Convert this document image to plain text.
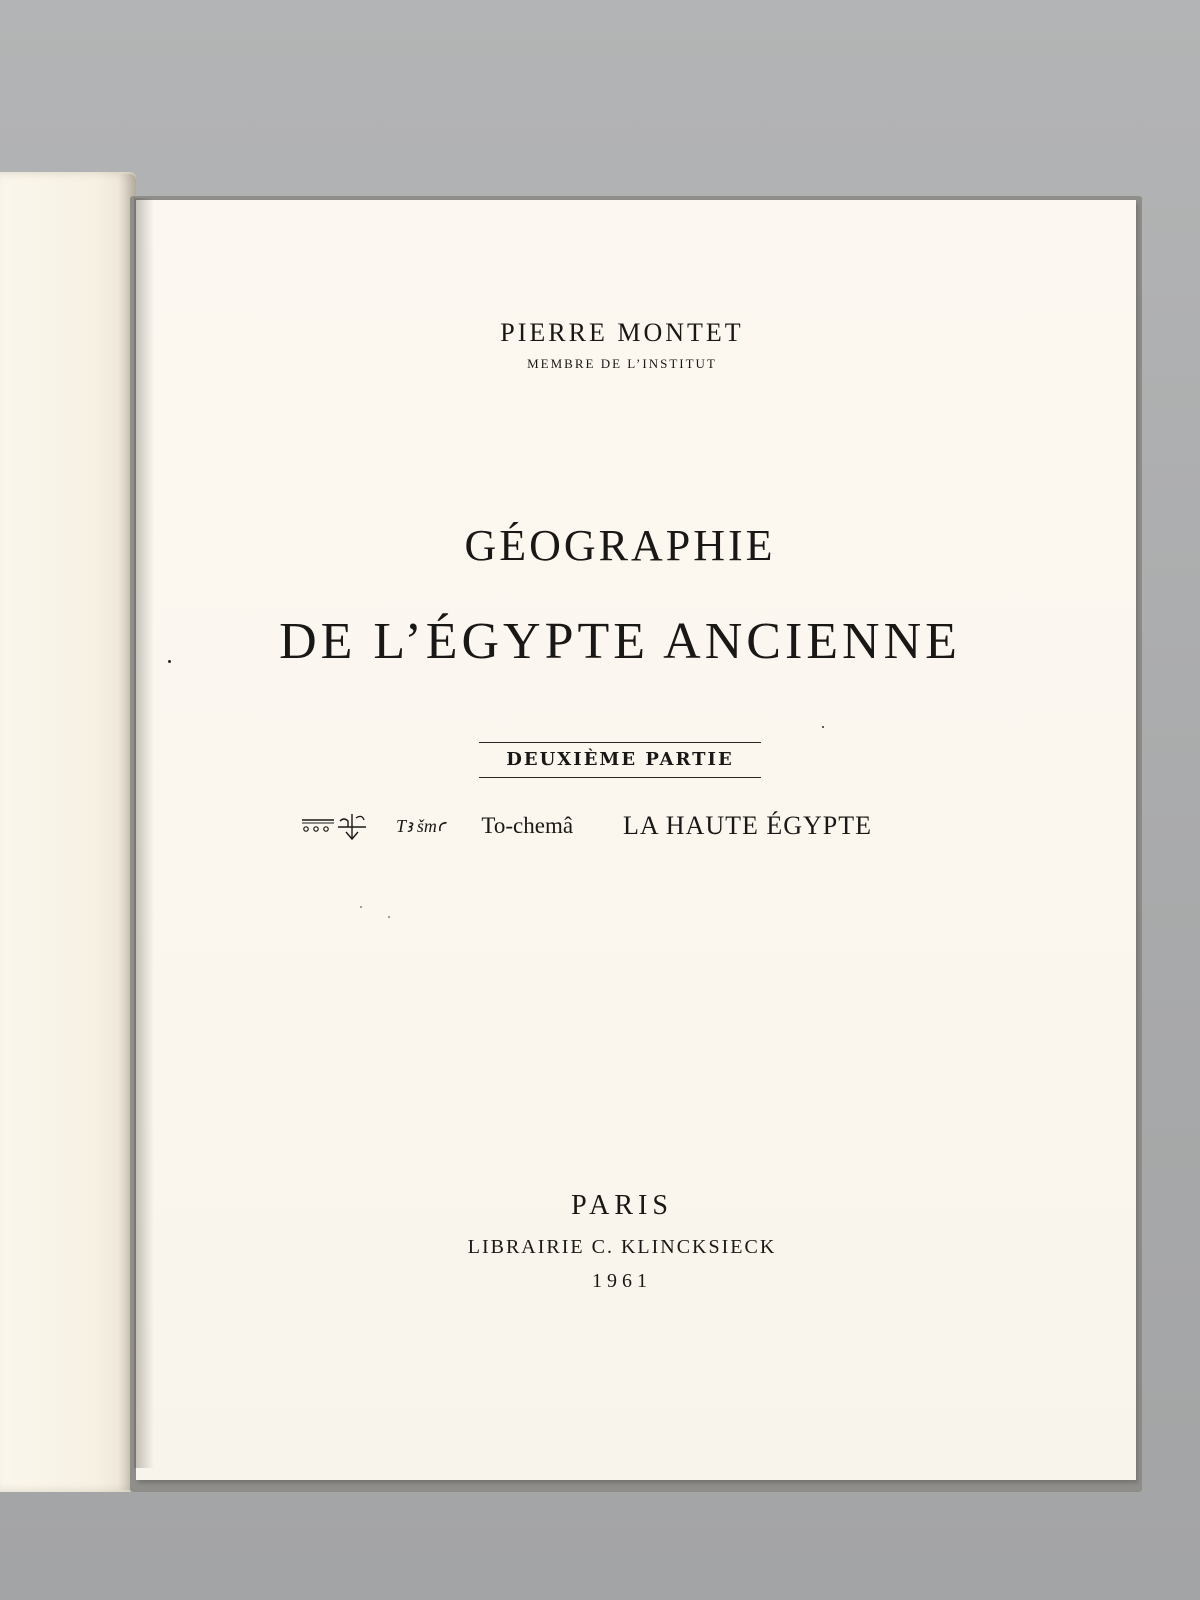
PIERRE MONTET
MEMBRE DE L’INSTITUT
GÉOGRAPHIE
DE L’ÉGYPTE ANCIENNE
DEUXIÈME PARTIE
Tꜣ šmꜥ To-chemâ LA HAUTE ÉGYPTE
PARIS
LIBRAIRIE C. KLINCKSIECK
1961
